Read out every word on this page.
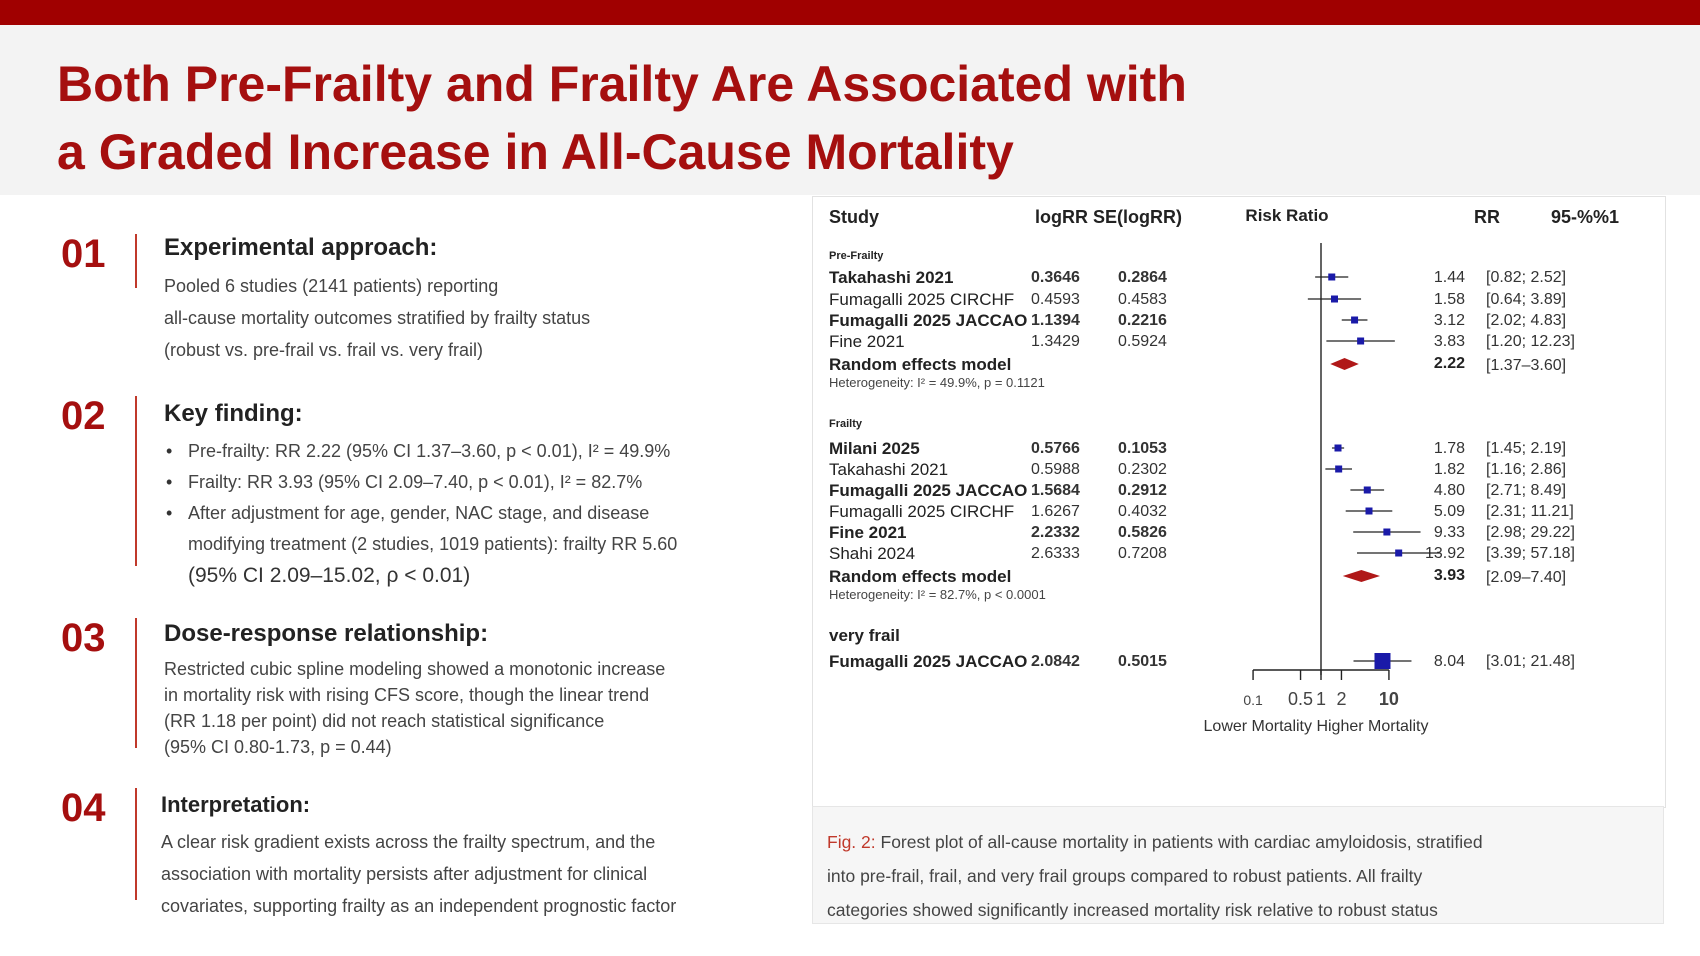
Both Pre-Frailty and Frailty Are Associated with
a Graded Increase in All-Cause Mortality
01 Experimental approach:

Pooled 6 studies (2141 patients) reporting
all-cause mortality outcomes stratified by frailty status
(robust vs. pre-frail vs. frail vs. very frail)

02 Key finding:
• Pre-frailty: RR 2.22 (95% CI 1.37–3.60, p < 0.01), I² = 49.9%
• Frailty: RR 3.93 (95% CI 2.09–7.40, p < 0.01), I² = 82.7%
• After adjustment for age, gender, NAC stage, and disease
modifying treatment (2 studies, 1019 patients): frailty RR 5.60
(95% CI 2.09–15.02, ρ < 0.01)
03 Dose-response relationship:

Restricted cubic spline modeling showed a monotonic increase
in mortality risk with rising CFS score, though the linear trend
(RR 1.18 per point) did not reach statistical significance
(95% CI 0.80-1.73, p = 0.44)

04	Interpretation:

A clear risk gradient exists across the frailty spectrum, and the
association with mortality persists after adjustment for clinical
covariates, supporting frailty as an independent prognostic factor

Study	logRR SE(logRR)	Risk Ratio	RR	95-%%1
Pre-Frailty
Takahashi 2021	0.3646 0.2864	1.44 [0.82; 2.52]
Fumagalli 2025 CIRCHF 0.4593 0.4583	1.58 [0.64; 3.89]
Fumagalli 2025 JACCAO 1.1394 0.2216	3.12 [2.02; 4.83]
Fine 2021	1.3429 0.5924	3.83 [1.20; 12.23]
Random effects model	2.22 [1.37–3.60]
Heterogeneity: I² = 49.9%, p = 0.1121
Frailty
Milani 2025	0.5766 0.1053	1.78 [1.45; 2.19]
Takahashi 2021	0.5988 0.2302	1.82 [1.16; 2.86]
Fumagalli 2025 JACCAO 1.5684 0.2912	4.80 [2.71; 8.49]
Fumagalli 2025 CIRCHF 1.6267 0.4032	5.09 [2.31; 11.21]
Fine 2021	2.2332 0.5826	9.33 [2.98; 29.22]
Shahi 2024	2.6333 0.7208	13.92 [3.39; 57.18]
Random effects model	3.93 [2.09–7.40]
Heterogeneity: I² = 82.7%, p < 0.0001
very frail
Fumagalli 2025 JACCAO 2.0842 0.5015	8.04 [3.01; 21.48]
0.1 0.5 1 2 10
Lower Mortality Higher Mortality
Fig. 2: Forest plot of all-cause mortality in patients with cardiac amyloidosis, stratified
into pre-frail, frail, and very frail groups compared to robust patients. All frailty
categories showed significantly increased mortality risk relative to robust status
